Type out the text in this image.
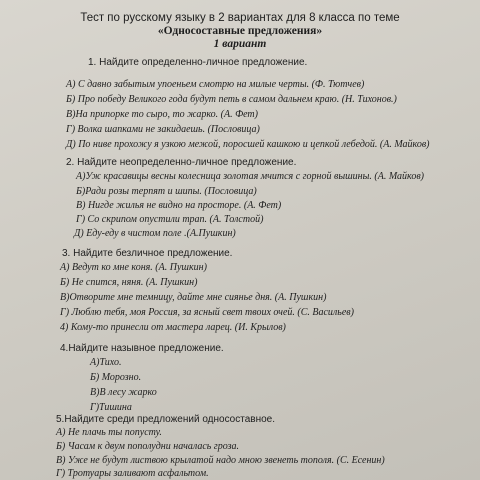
Тест по русскому языку в 2 вариантах для 8 класса по теме
«Односоставные предложения»
1 вариант
1. Найдите определенно-личное предложение.
А) С давно забытым упоеньем смотрю на милые черты. (Ф. Тютчев)
Б) Про победу Великого года будут петь в самом дальнем краю. (Н. Тихонов.)
В)На припорке то сыро, то жарко. (А. Фет)
Г) Волка шапками не закидаешь. (Пословица)
Д) По ниве прохожу я узкою межой, поросшей кашкою и цепкой лебедой. (А. Майков)
2. Найдите неопределенно-личное предложение.
А)Уж красавицы весны колесница золотая мчится с горной вышины. (А. Майков)
Б)Ради розы терпят и шипы. (Пословица)
В) Нигде жилья не видно на просторе. (А. Фет)
Г) Со скрипом опустили трап. (А. Толстой)
Д) Еду-еду в чистом поле .(А.Пушкин)
3. Найдите безличное предложение.
А) Ведут ко мне коня. (А. Пушкин)
Б) Не спится, няня. (А. Пушкин)
В)Отворите мне темницу, дайте мне сиянье дня. (А. Пушкин)
Г) Люблю тебя, моя Россия, за ясный свет твоих очей. (С. Васильев)
4) Кому-то принесли от мастера ларец. (И. Крылов)
4.Найдите назывное предложение.
А)Тихо.
Б) Морозно.
В)В лесу жарко
Г)Тишина
5.Найдите среди предложений односоставное.
А) Не плачь ты попусту.
Б) Часам к двум пополудни началась гроза.
В) Уже не будут листвою крылатой надо мною звенеть тополя. (С. Есенин)
Г) Тротуары заливают асфальтом.
